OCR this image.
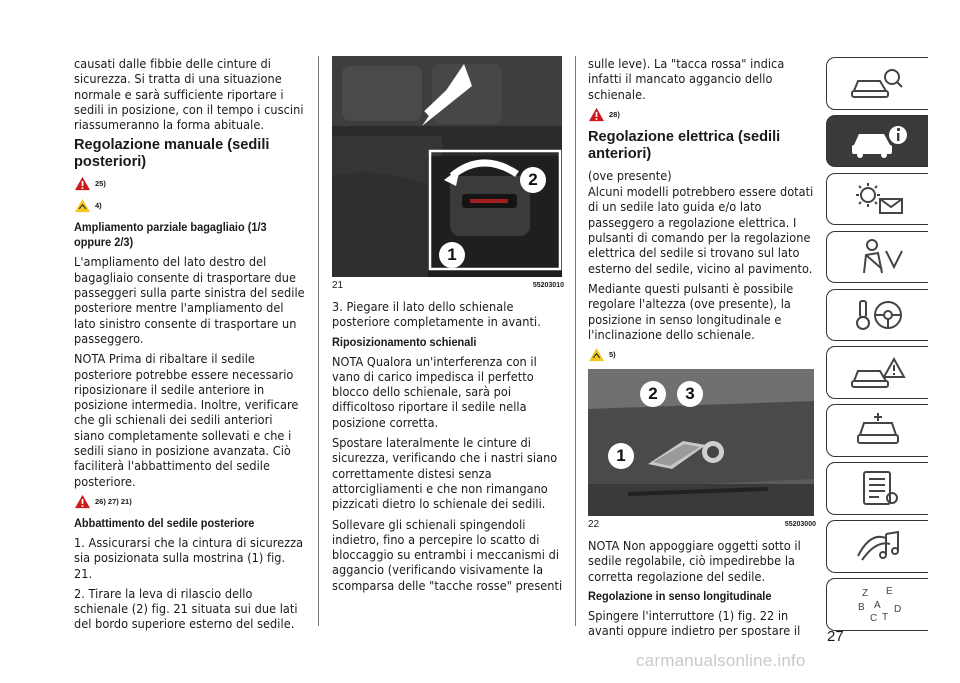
causati dalle fibbie delle cinture di sicurezza. Si tratta di una situazione normale e sarà sufficiente riportare i sedili in posizione, con il tempo i cuscini riassumeranno la forma abituale.

Regolazione manuale (sedili posteriori)
25)
4)
Ampliamento parziale bagagliaio (1/3 oppure 2/3)

L'ampliamento del lato destro del bagagliaio consente di trasportare due passeggeri sulla parte sinistra del sedile posteriore mentre l'ampliamento del lato sinistro consente di trasportare un passeggero.

NOTA Prima di ribaltare il sedile posteriore potrebbe essere necessario riposizionare il sedile anteriore in posizione intermedia. Inoltre, verificare che gli schienali dei sedili anteriori siano completamente sollevati e che i sedili siano in posizione avanzata. Ciò faciliterà l'abbattimento del sedile posteriore.

26) 27) 21)
Abbattimento del sedile posteriore

1. Assicurarsi che la cintura di sicurezza sia posizionata sulla mostrina (1) fig. 21.

2. Tirare la leva di rilascio dello schienale (2) fig. 21 situata sui due lati del bordo superiore esterno del sedile.

2
1
21	55203010

3. Piegare il lato dello schienale posteriore completamente in avanti.

Riposizionamento schienali

NOTA Qualora un'interferenza con il vano di carico impedisca il perfetto blocco dello schienale, sarà poi difficoltoso riportare il sedile nella posizione corretta.

Spostare lateralmente le cinture di sicurezza, verificando che i nastri siano correttamente distesi senza attorcigliamenti e che non rimangano pizzicati dietro lo schienale dei sedili.

Sollevare gli schienali spingendoli indietro, fino a percepire lo scatto di bloccaggio su entrambi i meccanismi di aggancio (verificando visivamente la scomparsa delle "tacche rosse" presenti

sulle leve). La "tacca rossa" indica infatti il mancato aggancio dello schienale.

28)
Regolazione elettrica (sedili anteriori)

(ove presente)

Alcuni modelli potrebbero essere dotati di un sedile lato guida e/o lato passeggero a regolazione elettrica. I pulsanti di comando per la regolazione elettrica del sedile si trovano sul lato esterno del sedile, vicino al pavimento.

Mediante questi pulsanti è possibile regolare l'altezza (ove presente), la posizione in senso longitudinale e l'inclinazione dello schienale.

5)
2	3
1
22	55203000

NOTA Non appoggiare oggetti sotto il sedile regolabile, ciò impedirebbe la corretta regolazione del sedile.

Regolazione in senso longitudinale

Spingere l'interruttore (1) fig. 22 in avanti oppure indietro per spostare il

Z E
B A
C T
D
27
carmanualsonline.info
